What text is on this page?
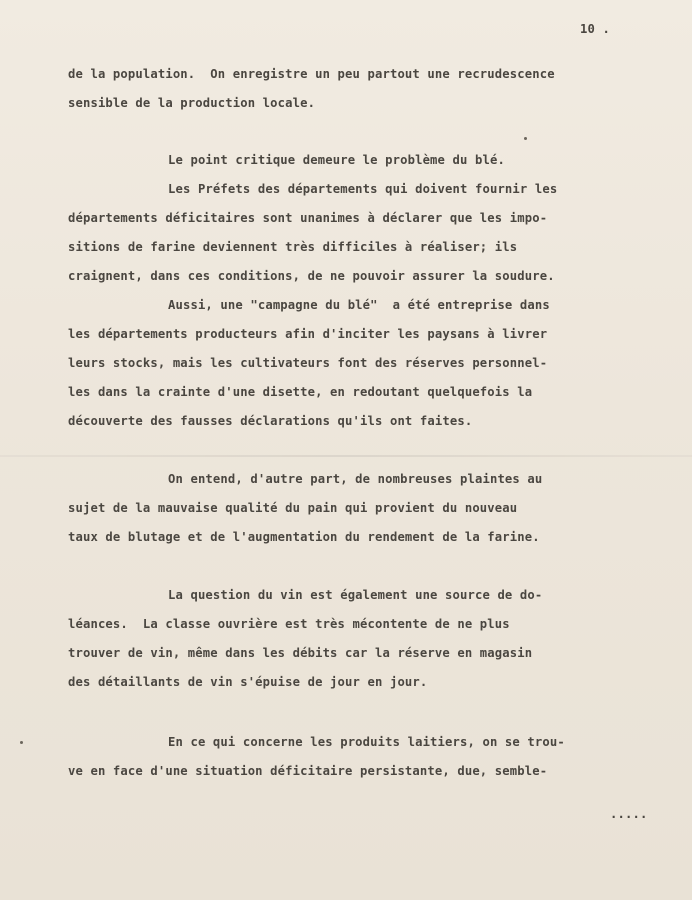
10 .
de la population.  On enregistre un peu partout une recrudescence
sensible de la production locale.
Le point critique demeure le problème du blé.
Les Préfets des départements qui doivent fournir les
départements déficitaires sont unanimes à déclarer que les impo-
sitions de farine deviennent très difficiles à réaliser; ils
craignent, dans ces conditions, de ne pouvoir assurer la soudure.
Aussi, une "campagne du blé"  a été entreprise dans
les départements producteurs afin d'inciter les paysans à livrer
leurs stocks, mais les cultivateurs font des réserves personnel-
les dans la crainte d'une disette, en redoutant quelquefois la
découverte des fausses déclarations qu'ils ont faites.
On entend, d'autre part, de nombreuses plaintes au
sujet de la mauvaise qualité du pain qui provient du nouveau
taux de blutage et de l'augmentation du rendement de la farine.
La question du vin est également une source de do-
léances.  La classe ouvrière est très mécontente de ne plus
trouver de vin, même dans les débits car la réserve en magasin
des détaillants de vin s'épuise de jour en jour.
En ce qui concerne les produits laitiers, on se trou-
ve en face d'une situation déficitaire persistante, due, semble-
.....
